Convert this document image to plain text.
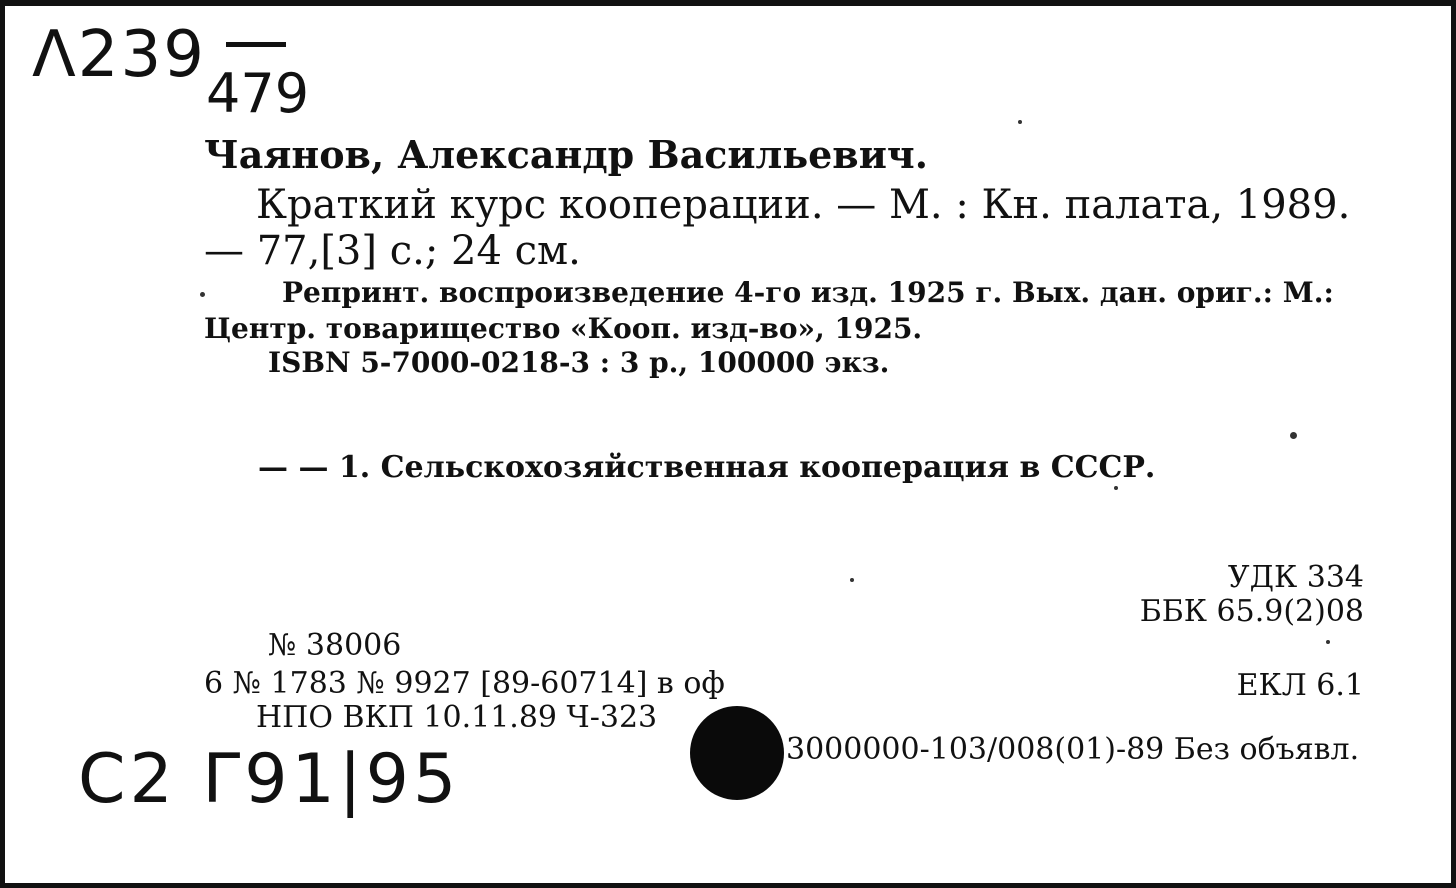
Λ239
479
Чаянов, Александр Васильевич.
Краткий курс кооперации. — М. : Кн. палата, 1989.
— 77,[3] с.; 24 см.
Репринт. воспроизведение 4-го изд. 1925 г. Вых. дан. ориг.: М.:
Центр. товарищество «Кооп. изд-во», 1925.
ISBN 5-7000-0218-3 : 3 р., 100000 экз.
— — 1. Сельскохозяйственная кооперация в СССР.
УДК 334
ББК 65.9(2)08
ЕКЛ 6.1
№ 38006
6 № 1783 № 9927 [89-60714] в оф
НПО ВКП 10.11.89 Ч-323
3000000-103/008(01)-89 Без объявл.
C2 Γ91|95
